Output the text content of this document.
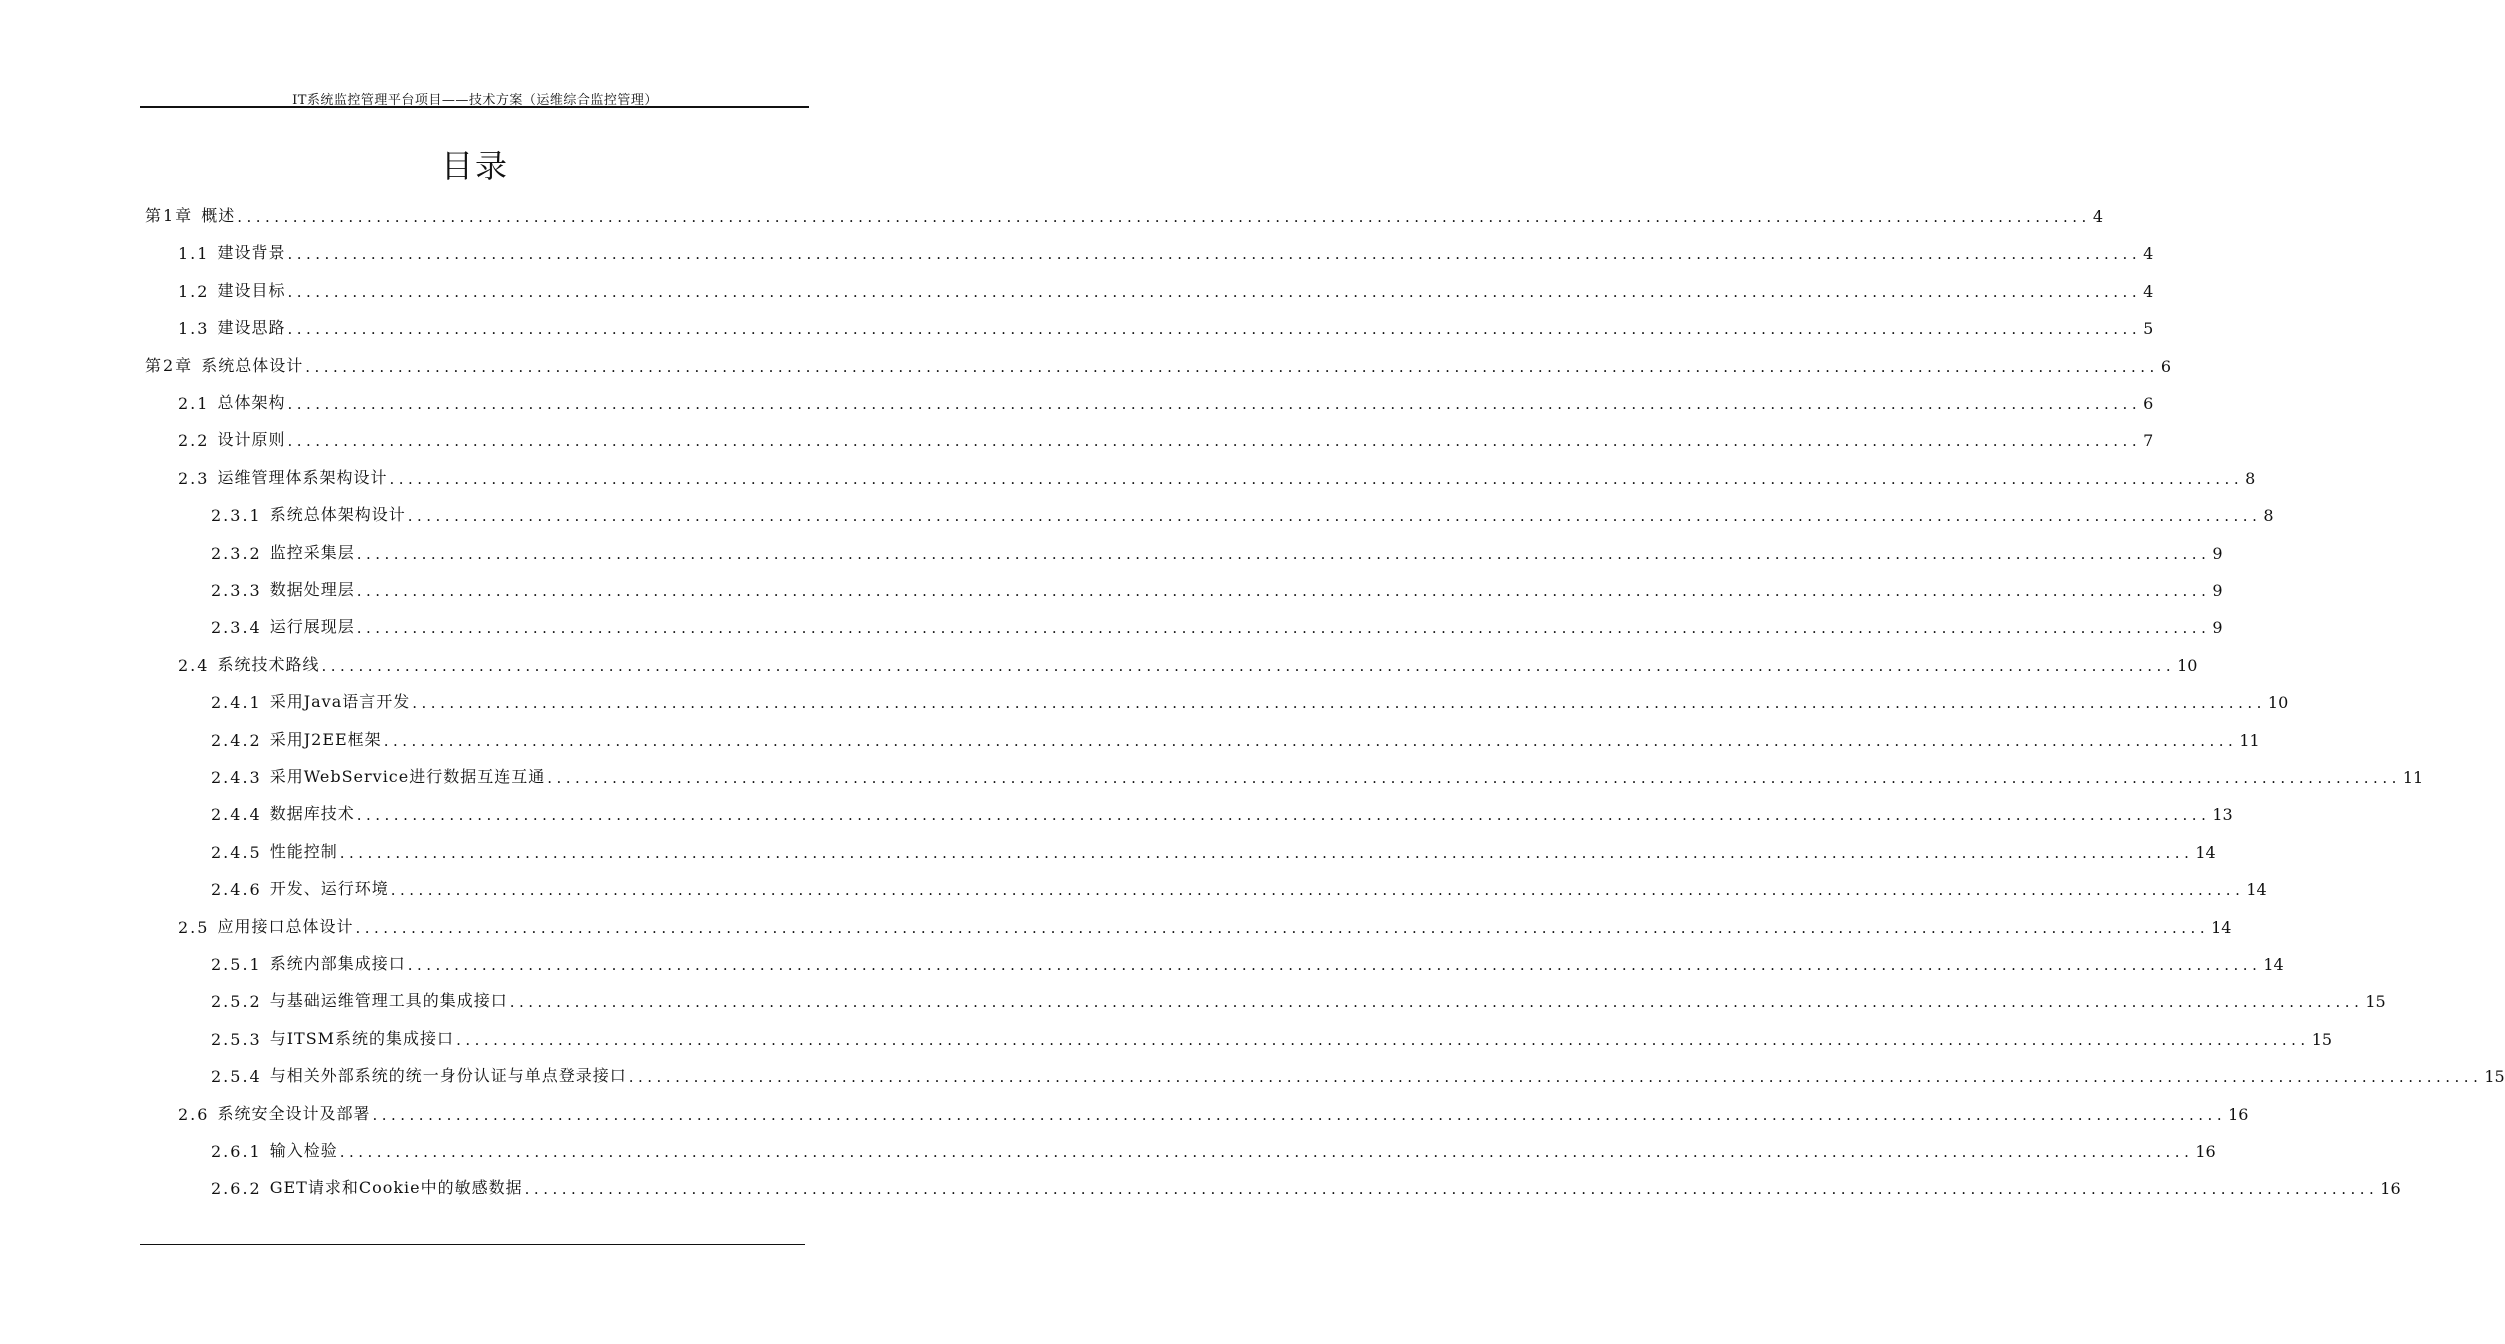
IT系统监控管理平台项目——技术方案（运维综合监控管理）
目录
第1章 概述 ........................................................................................................................................................................................................ 4
1.1 建设背景 ........................................................................................................................................................................................................ 4
1.2 建设目标 ........................................................................................................................................................................................................ 4
1.3 建设思路 ........................................................................................................................................................................................................ 5
第2章 系统总体设计 ........................................................................................................................................................................................................ 6
2.1 总体架构 ........................................................................................................................................................................................................ 6
2.2 设计原则 ........................................................................................................................................................................................................ 7
2.3 运维管理体系架构设计 ........................................................................................................................................................................................................ 8
2.3.1 系统总体架构设计 ........................................................................................................................................................................................................ 8
2.3.2 监控采集层 ........................................................................................................................................................................................................ 9
2.3.3 数据处理层 ........................................................................................................................................................................................................ 9
2.3.4 运行展现层 ........................................................................................................................................................................................................ 9
2.4 系统技术路线 ........................................................................................................................................................................................................ 10
2.4.1 采用Java语言开发 ........................................................................................................................................................................................................ 10
2.4.2 采用J2EE框架 ........................................................................................................................................................................................................ 11
2.4.3 采用WebService进行数据互连互通 ........................................................................................................................................................................................................ 11
2.4.4 数据库技术 ........................................................................................................................................................................................................ 13
2.4.5 性能控制 ........................................................................................................................................................................................................ 14
2.4.6 开发、运行环境 ........................................................................................................................................................................................................ 14
2.5 应用接口总体设计 ........................................................................................................................................................................................................ 14
2.5.1 系统内部集成接口 ........................................................................................................................................................................................................ 14
2.5.2 与基础运维管理工具的集成接口 ........................................................................................................................................................................................................ 15
2.5.3 与ITSM系统的集成接口 ........................................................................................................................................................................................................ 15
2.5.4 与相关外部系统的统一身份认证与单点登录接口 ........................................................................................................................................................................................................ 15
2.6 系统安全设计及部署 ........................................................................................................................................................................................................ 16
2.6.1 输入检验 ........................................................................................................................................................................................................ 16
2.6.2 GET请求和Cookie中的敏感数据 ........................................................................................................................................................................................................ 16
